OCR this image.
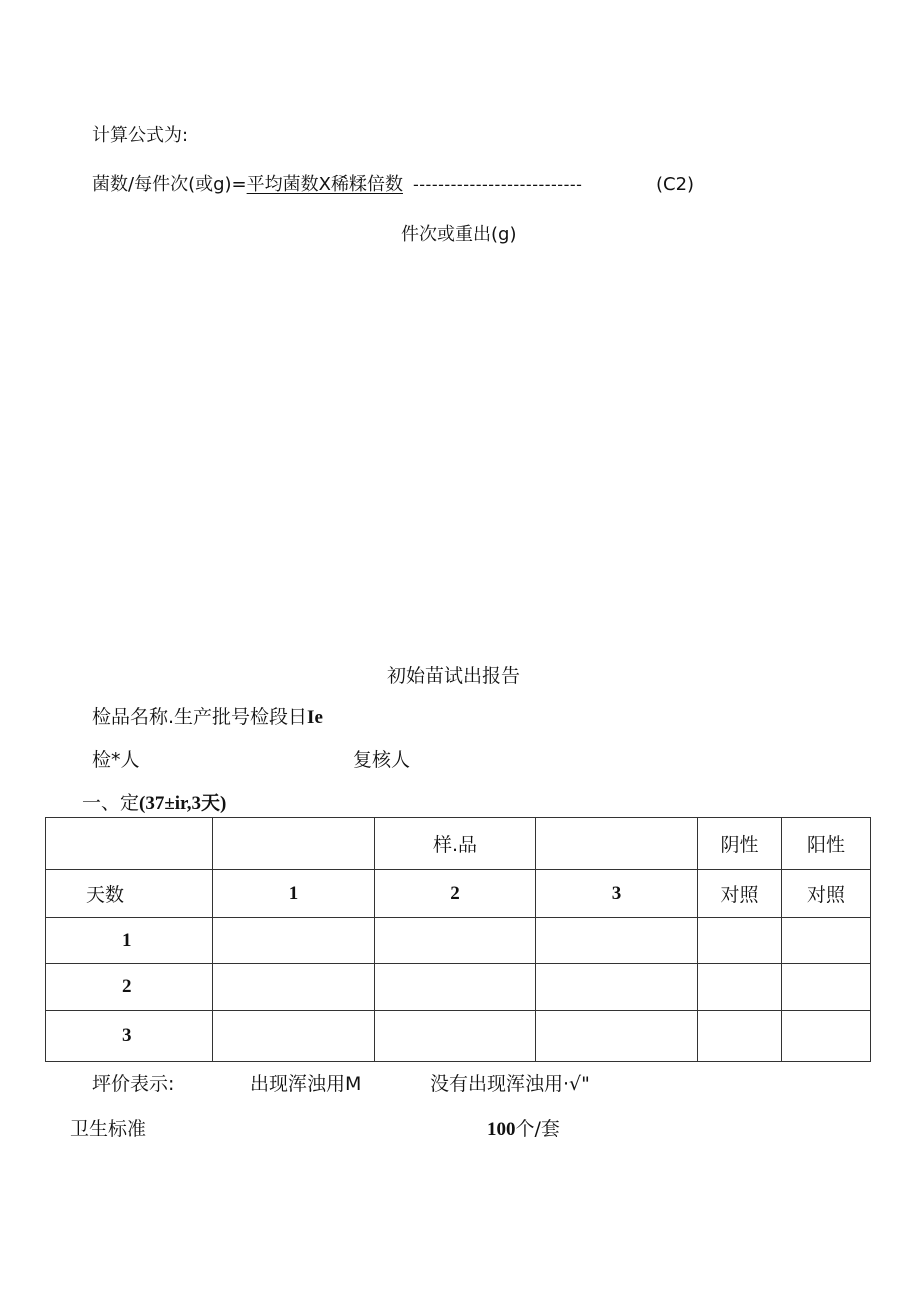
计算公式为:
菌数/每件次(或g)=平均菌数X稀糅倍数 ---------------------------	(C2)
件次或重出(g)
初始苗试出报告
检品名称.生产批号检段日Ie
检*人	复核人
一、定(37±ir,3天)
		样.品		阴性	阳性
天数	1	2	3	对照	对照
1					
2					
3					
坪价表示:	出现浑浊用M	没有出现浑浊用·√"
卫生标准	100个/套
